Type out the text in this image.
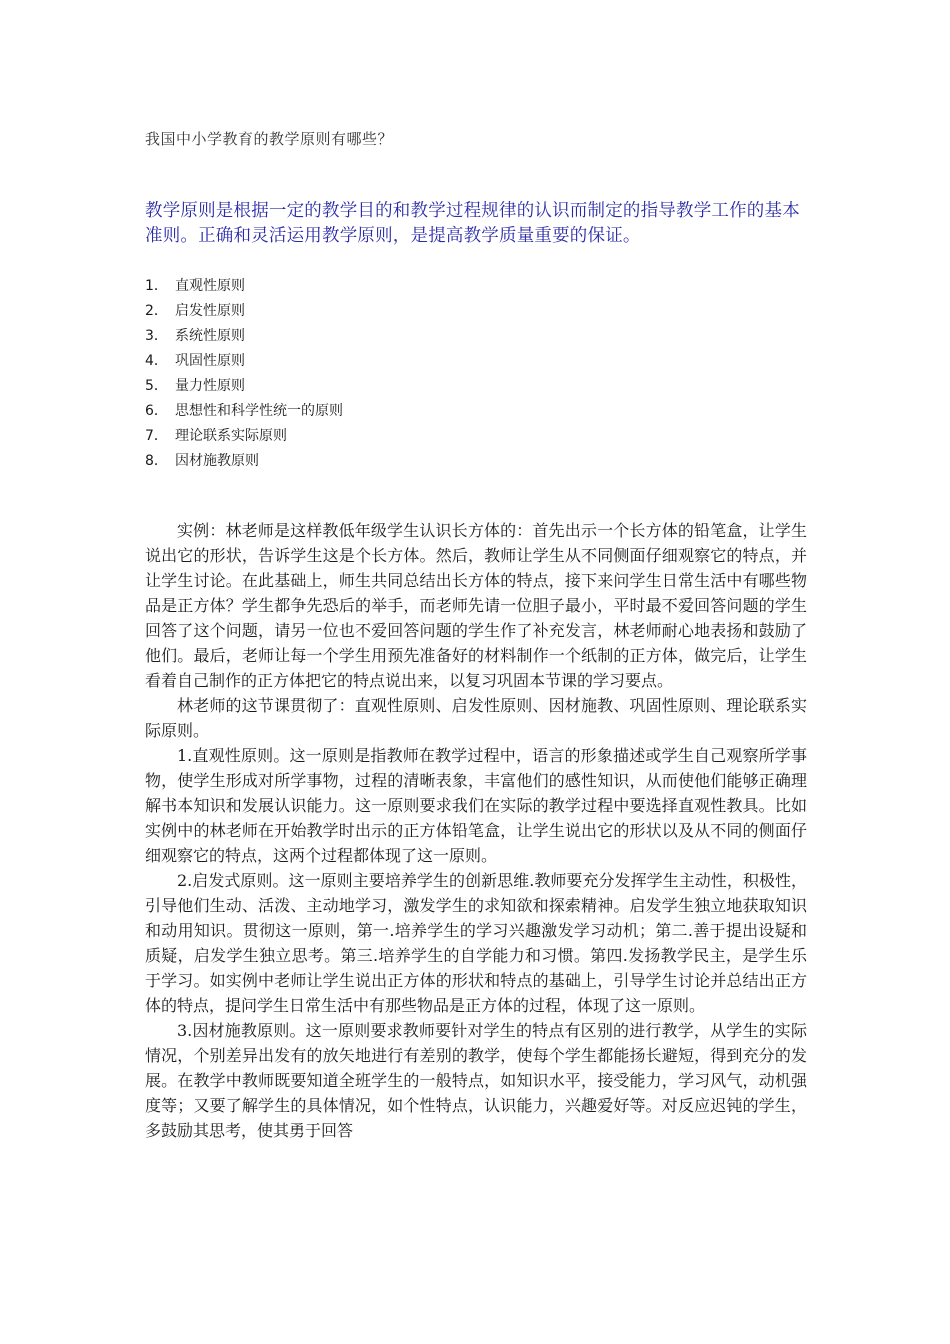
我国中小学教育的教学原则有哪些？
教学原则是根据一定的教学目的和教学过程规律的认识而制定的指导教学工作的基本准则。正确和灵活运用教学原则，是提高教学质量重要的保证。
1． 直观性原则
2． 启发性原则
3． 系统性原则
4． 巩固性原则
5． 量力性原则
6． 思想性和科学性统一的原则
7． 理论联系实际原则
8． 因材施教原则

实例：林老师是这样教低年级学生认识长方体的：首先出示一个长方体的铅笔盒，让学生说出它的形状，告诉学生这是个长方体。然后，教师让学生从不同侧面仔细观察它的特点，并让学生讨论。在此基础上，师生共同总结出长方体的特点，接下来问学生日常生活中有哪些物品是正方体？学生都争先恐后的举手，而老师先请一位胆子最小，平时最不爱回答问题的学生回答了这个问题，请另一位也不爱回答问题的学生作了补充发言，林老师耐心地表扬和鼓励了他们。最后，老师让每一个学生用预先准备好的材料制作一个纸制的正方体，做完后，让学生看着自己制作的正方体把它的特点说出来，以复习巩固本节课的学习要点。

林老师的这节课贯彻了：直观性原则、启发性原则、因材施教、巩固性原则、理论联系实际原则。

1.直观性原则。这一原则是指教师在教学过程中，语言的形象描述或学生自己观察所学事物，使学生形成对所学事物，过程的清晰表象，丰富他们的感性知识，从而使他们能够正确理解书本知识和发展认识能力。这一原则要求我们在实际的教学过程中要选择直观性教具。比如实例中的林老师在开始教学时出示的正方体铅笔盒，让学生说出它的形状以及从不同的侧面仔细观察它的特点，这两个过程都体现了这一原则。

2.启发式原则。这一原则主要培养学生的创新思维.教师要充分发挥学生主动性，积极性，引导他们生动、活泼、主动地学习，激发学生的求知欲和探索精神。启发学生独立地获取知识和动用知识。贯彻这一原则，第一.培养学生的学习兴趣激发学习动机；第二.善于提出设疑和质疑，启发学生独立思考。第三.培养学生的自学能力和习惯。第四.发扬教学民主，是学生乐于学习。如实例中老师让学生说出正方体的形状和特点的基础上，引导学生讨论并总结出正方体的特点，提问学生日常生活中有那些物品是正方体的过程，体现了这一原则。

3.因材施教原则。这一原则要求教师要针对学生的特点有区别的进行教学，从学生的实际情况，个别差异出发有的放矢地进行有差别的教学，使每个学生都能扬长避短，得到充分的发展。在教学中教师既要知道全班学生的一般特点，如知识水平，接受能力，学习风气，动机强度等；又要了解学生的具体情况，如个性特点，认识能力，兴趣爱好等。对反应迟钝的学生，多鼓励其思考，使其勇于回答
